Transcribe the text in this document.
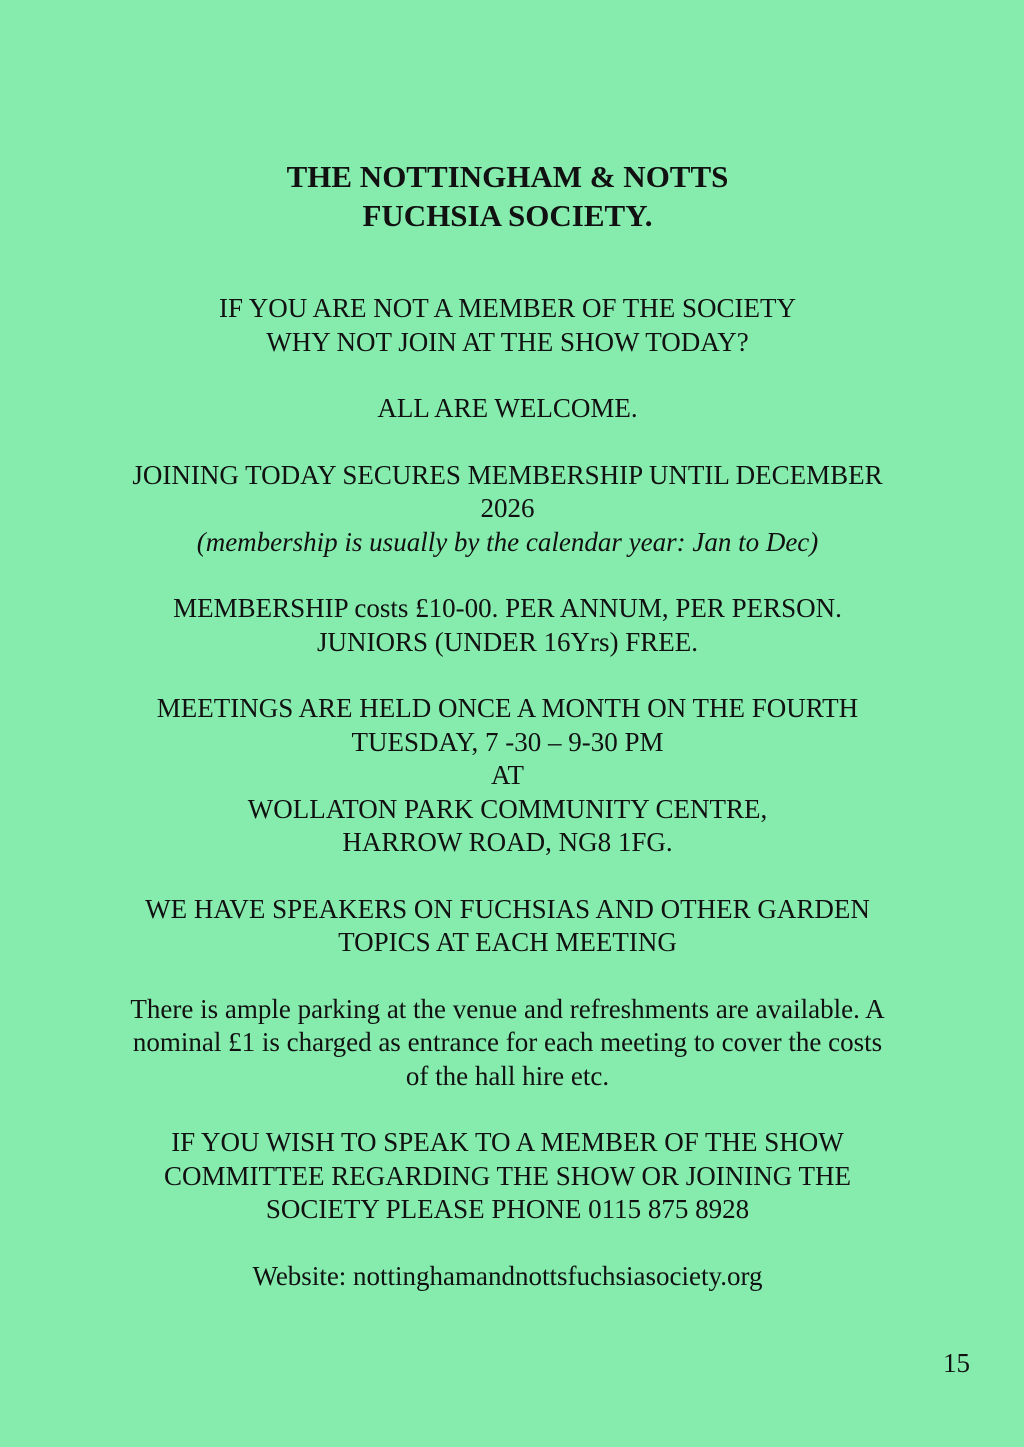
THE NOTTINGHAM & NOTTS
FUCHSIA SOCIETY.

IF YOU ARE NOT A MEMBER OF THE SOCIETY
WHY NOT JOIN AT THE SHOW TODAY?

ALL ARE WELCOME.

JOINING TODAY SECURES MEMBERSHIP UNTIL DECEMBER
2026
(membership is usually by the calendar year: Jan to Dec)

MEMBERSHIP costs £10-00. PER ANNUM, PER PERSON.
JUNIORS (UNDER 16Yrs) FREE.

MEETINGS ARE HELD ONCE A MONTH ON THE FOURTH
TUESDAY, 7 -30 – 9-30 PM
AT
WOLLATON PARK COMMUNITY CENTRE,
HARROW ROAD, NG8 1FG.

WE HAVE SPEAKERS ON FUCHSIAS AND OTHER GARDEN
TOPICS AT EACH MEETING

There is ample parking at the venue and refreshments are available. A
nominal £1 is charged as entrance for each meeting to cover the costs
of the hall hire etc.

IF YOU WISH TO SPEAK TO A MEMBER OF THE SHOW
COMMITTEE REGARDING THE SHOW OR JOINING THE
SOCIETY PLEASE PHONE 0115 875 8928

Website: nottinghamandnottsfuchsiasociety.org

15
